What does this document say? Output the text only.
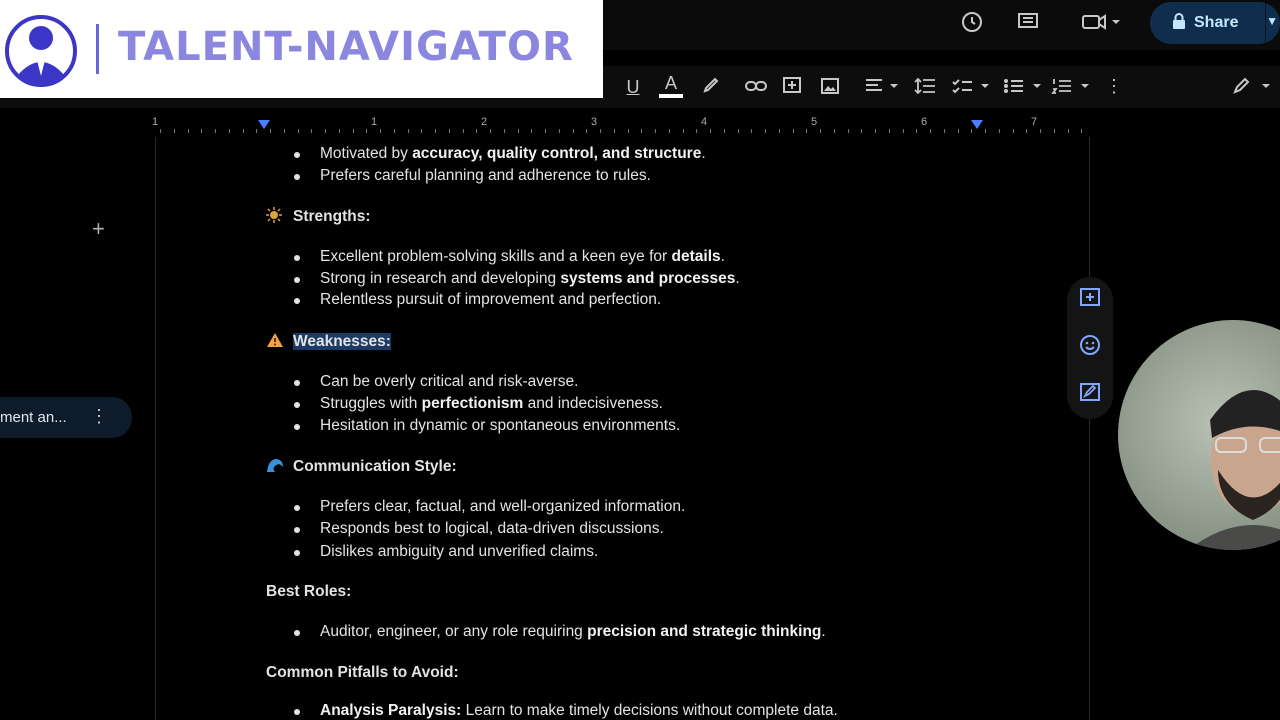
Share ▼
U	A	⋮
TALENT-NAVIGATOR
1	1	2	3	4	5	6	7
+
ment an... ⋮
Motivated by accuracy, quality control, and structure.
Prefers careful planning and adherence to rules.
Strengths:
Excellent problem-solving skills and a keen eye for details.
Strong in research and developing systems and processes.
Relentless pursuit of improvement and perfection.
Weaknesses:
Can be overly critical and risk-averse.
Struggles with perfectionism and indecisiveness.
Hesitation in dynamic or spontaneous environments.
Communication Style:
Prefers clear, factual, and well-organized information.
Responds best to logical, data-driven discussions.
Dislikes ambiguity and unverified claims.
Best Roles:
Auditor, engineer, or any role requiring precision and strategic thinking.
Common Pitfalls to Avoid:
Analysis Paralysis: Learn to make timely decisions without complete data.
